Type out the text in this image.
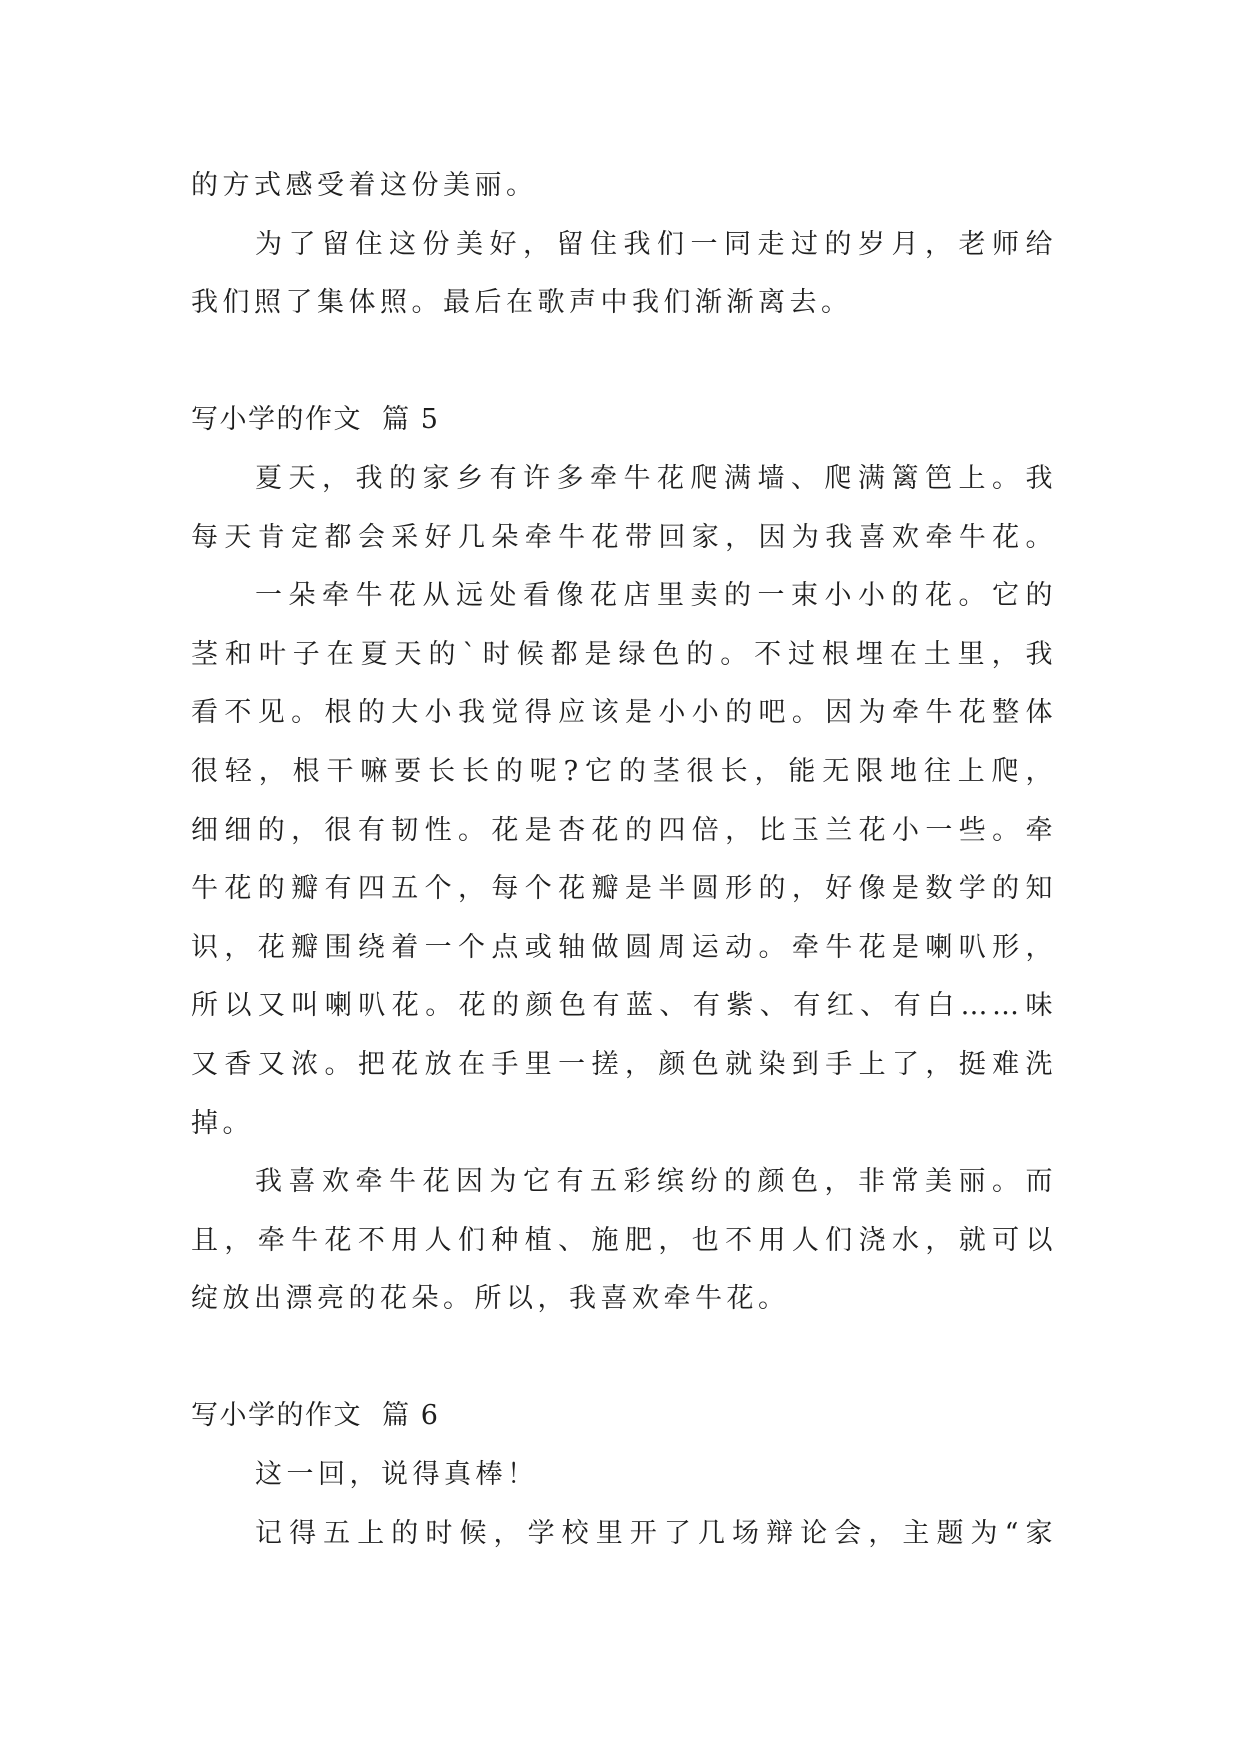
的方式感受着这份美丽。
为了留住这份美好，留住我们一同走过的岁月，老师给
我们照了集体照。最后在歌声中我们渐渐离去。
写小学的作文  篇 5
夏天，我的家乡有许多牵牛花爬满墙、爬满篱笆上。我
每天肯定都会采好几朵牵牛花带回家，因为我喜欢牵牛花。
一朵牵牛花从远处看像花店里卖的一束小小的花。它的
茎和叶子在夏天的`时候都是绿色的。不过根埋在土里，我
看不见。根的大小我觉得应该是小小的吧。因为牵牛花整体
很轻，根干嘛要长长的呢?它的茎很长，能无限地往上爬，
细细的，很有韧性。花是杏花的四倍，比玉兰花小一些。牵
牛花的瓣有四五个，每个花瓣是半圆形的，好像是数学的知
识，花瓣围绕着一个点或轴做圆周运动。牵牛花是喇叭形，
所以又叫喇叭花。花的颜色有蓝、有紫、有红、有白……味
又香又浓。把花放在手里一搓，颜色就染到手上了，挺难洗
掉。
我喜欢牵牛花因为它有五彩缤纷的颜色，非常美丽。而
且，牵牛花不用人们种植、施肥，也不用人们浇水，就可以
绽放出漂亮的花朵。所以，我喜欢牵牛花。
写小学的作文  篇 6
这一回，说得真棒！
记得五上的时候，学校里开了几场辩论会，主题为“家
